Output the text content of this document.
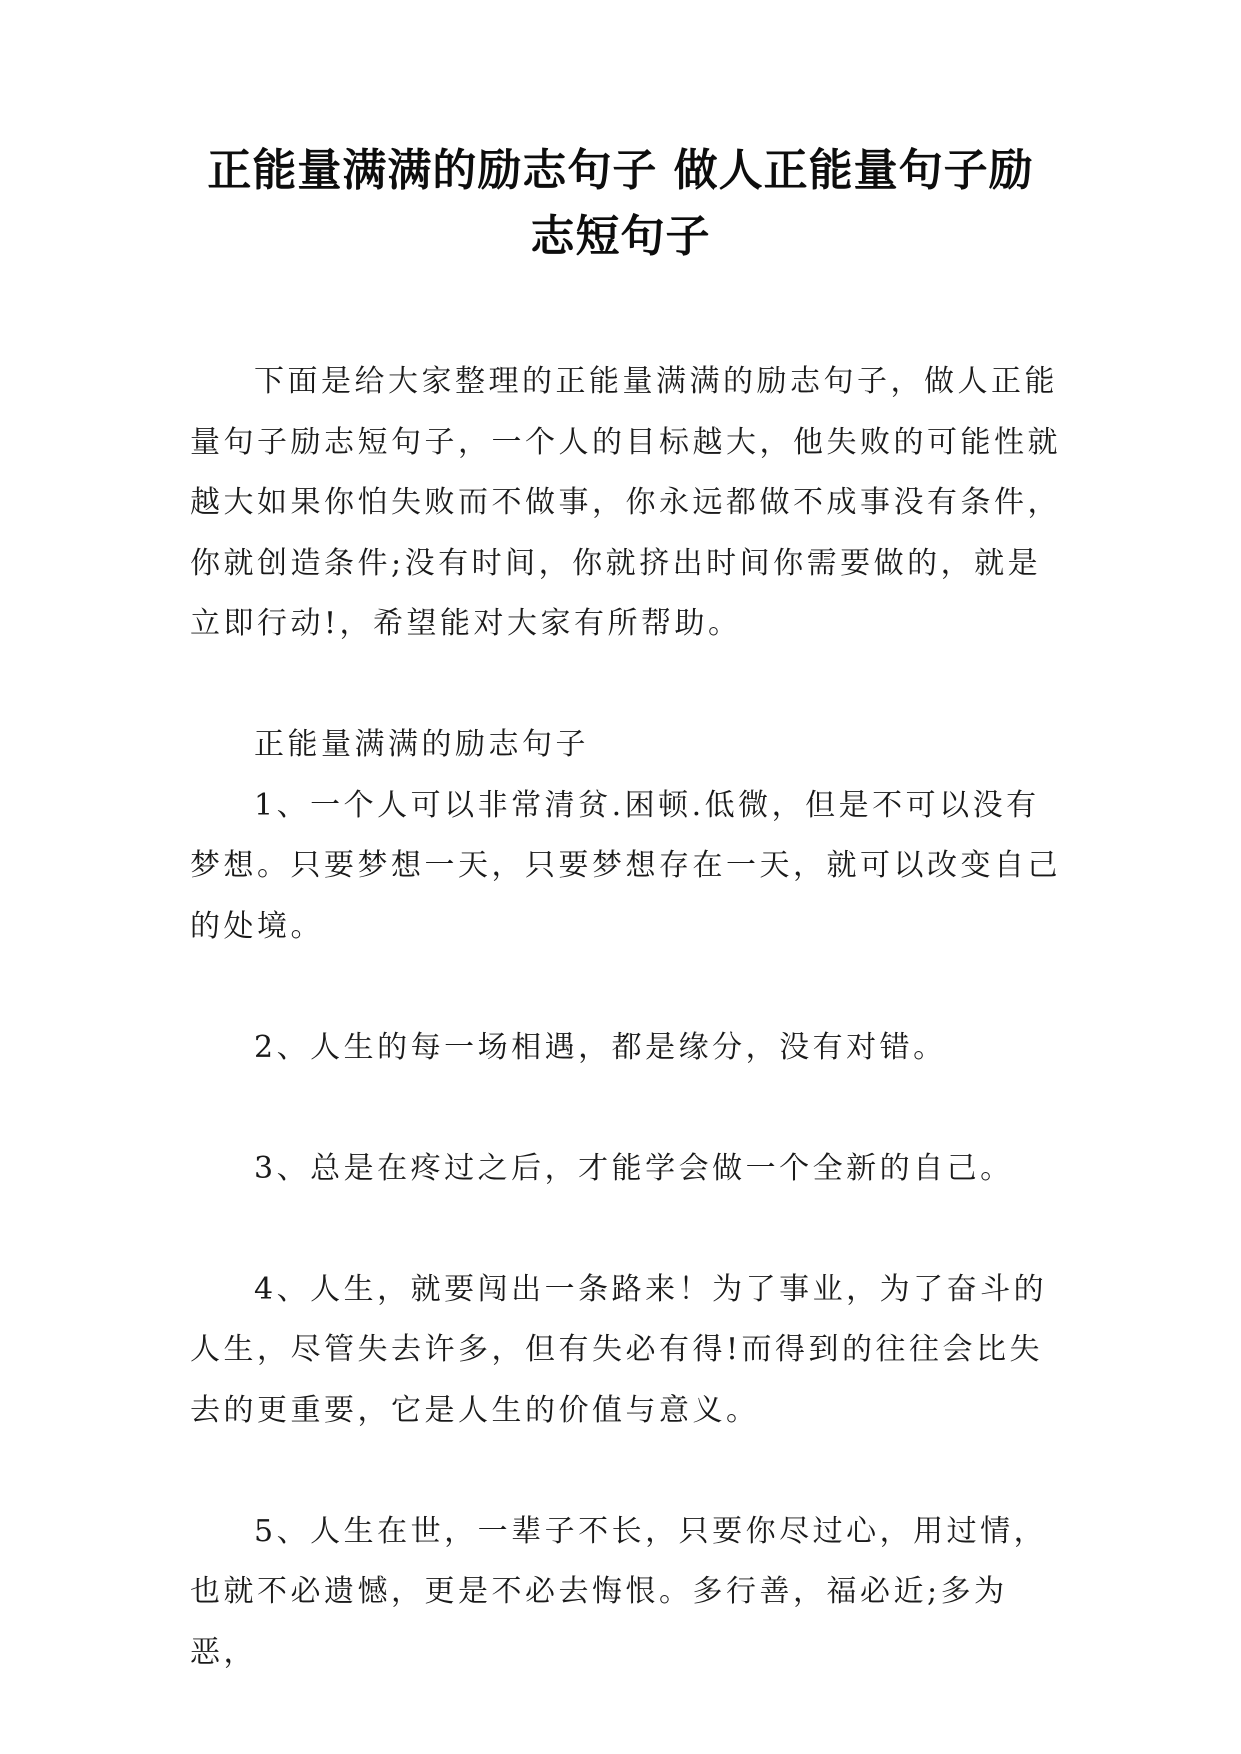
正能量满满的励志句子 做人正能量句子励
志短句子

下面是给大家整理的正能量满满的励志句子，做人正能量句子励志短句子，一个人的目标越大，他失败的可能性就越大如果你怕失败而不做事，你永远都做不成事没有条件，你就创造条件;没有时间，你就挤出时间你需要做的，就是立即行动!，希望能对大家有所帮助。

正能量满满的励志句子

1、一个人可以非常清贫.困顿.低微，但是不可以没有梦想。只要梦想一天，只要梦想存在一天，就可以改变自己的处境。

2、人生的每一场相遇，都是缘分，没有对错。

3、总是在疼过之后，才能学会做一个全新的自己。

4、人生，就要闯出一条路来！为了事业，为了奋斗的人生，尽管失去许多，但有失必有得!而得到的往往会比失去的更重要，它是人生的价值与意义。

5、人生在世，一辈子不长，只要你尽过心，用过情，也就不必遗憾，更是不必去悔恨。多行善，福必近;多为恶，
